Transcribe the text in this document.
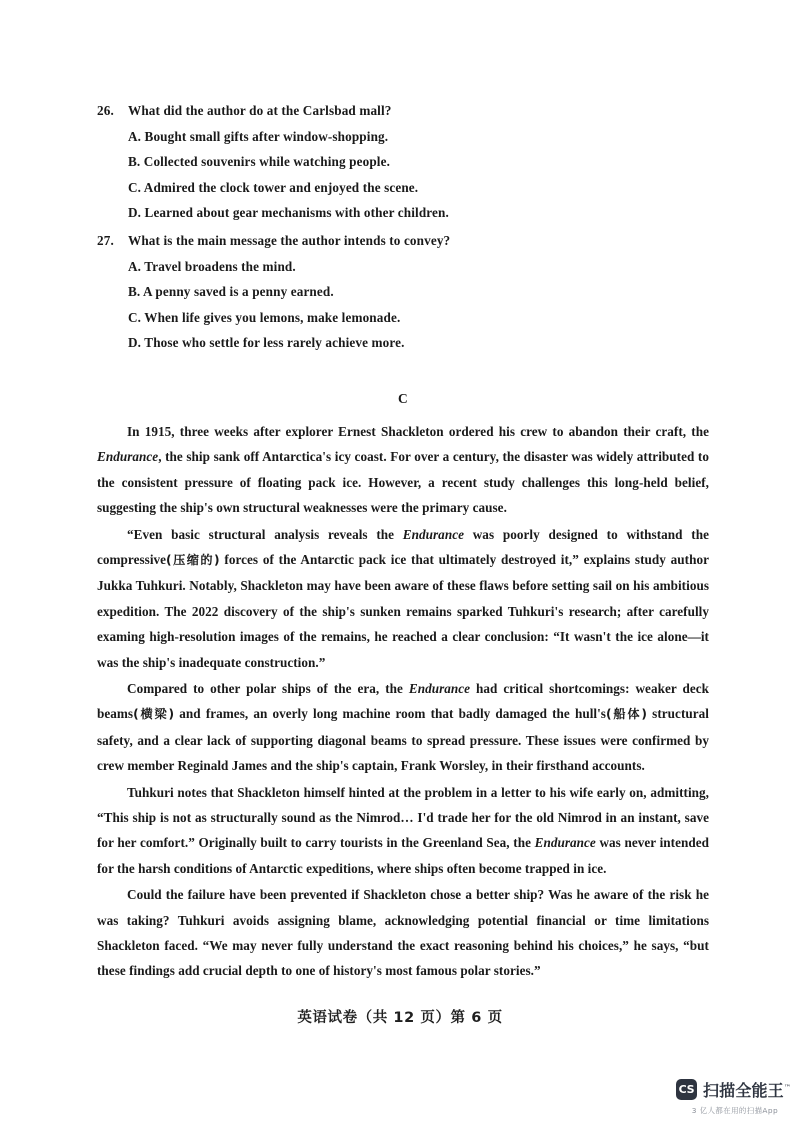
26.	What did the author do at the Carlsbad mall?
A. Bought small gifts after window-shopping.
B. Collected souvenirs while watching people.
C. Admired the clock tower and enjoyed the scene.
D. Learned about gear mechanisms with other children.
27.	What is the main message the author intends to convey?
A. Travel broadens the mind.
B. A penny saved is a penny earned.
C. When life gives you lemons, make lemonade.
D. Those who settle for less rarely achieve more.
C

In 1915, three weeks after explorer Ernest Shackleton ordered his crew to abandon their craft, the Endurance, the ship sank off Antarctica's icy coast. For over a century, the disaster was widely attributed to the consistent pressure of floating pack ice. However, a recent study challenges this long-held belief, suggesting the ship's own structural weaknesses were the primary cause.

“Even basic structural analysis reveals the Endurance was poorly designed to withstand the compressive(压缩的) forces of the Antarctic pack ice that ultimately destroyed it,” explains study author Jukka Tuhkuri. Notably, Shackleton may have been aware of these flaws before setting sail on his ambitious expedition. The 2022 discovery of the ship's sunken remains sparked Tuhkuri's research; after carefully examing high-resolution images of the remains, he reached a clear conclusion: “It wasn't the ice alone—it was the ship's inadequate construction.”

Compared to other polar ships of the era, the Endurance had critical shortcomings: weaker deck beams(横梁) and frames, an overly long machine room that badly damaged the hull's(船体) structural safety, and a clear lack of supporting diagonal beams to spread pressure. These issues were confirmed by crew member Reginald James and the ship's captain, Frank Worsley, in their firsthand accounts.

Tuhkuri notes that Shackleton himself hinted at the problem in a letter to his wife early on, admitting, “This ship is not as structurally sound as the Nimrod… I'd trade her for the old Nimrod in an instant, save for her comfort.” Originally built to carry tourists in the Greenland Sea, the Endurance was never intended for the harsh conditions of Antarctic expeditions, where ships often become trapped in ice.

Could the failure have been prevented if Shackleton chose a better ship? Was he aware of the risk he was taking? Tuhkuri avoids assigning blame, acknowledging potential financial or time limitations Shackleton faced. “We may never fully understand the exact reasoning behind his choices,” he says, “but these findings add crucial depth to one of history's most famous polar stories.”

英语试卷（共 12 页）第 6 页
CS 扫描全能王™
3 亿人都在用的扫描App
